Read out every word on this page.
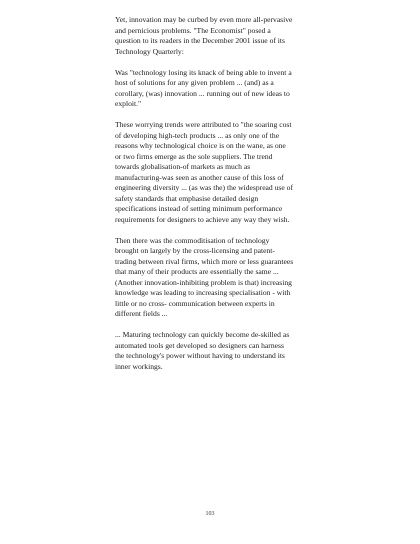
Yet, innovation may be curbed by even more all-pervasive
and pernicious problems. "The Economist" posed a
question to its readers in the December 2001 issue of its
Technology Quarterly:

Was "technology losing its knack of being able to invent a
host of solutions for any given problem ... (and) as a
corollary, (was) innovation ... running out of new ideas to
exploit."

These worrying trends were attributed to "the soaring cost
of developing high-tech products ... as only one of the
reasons why technological choice is on the wane, as one
or two firms emerge as the sole suppliers. The trend
towards globalisation-of markets as much as
manufacturing-was seen as another cause of this loss of
engineering diversity ... (as was the) the widespread use of
safety standards that emphasise detailed design
specifications instead of setting minimum performance
requirements for designers to achieve any way they wish.

Then there was the commoditisation of technology
brought on largely by the cross-licensing and patent-
trading between rival firms, which more or less guarantees
that many of their products are essentially the same ...
(Another innovation-inhibiting problem is that) increasing
knowledge was leading to increasing specialisation - with
little or no cross- communication between experts in
different fields ...

... Maturing technology can quickly become de-skilled as
automated tools get developed so designers can harness
the technology's power without having to understand its
inner workings.

103
